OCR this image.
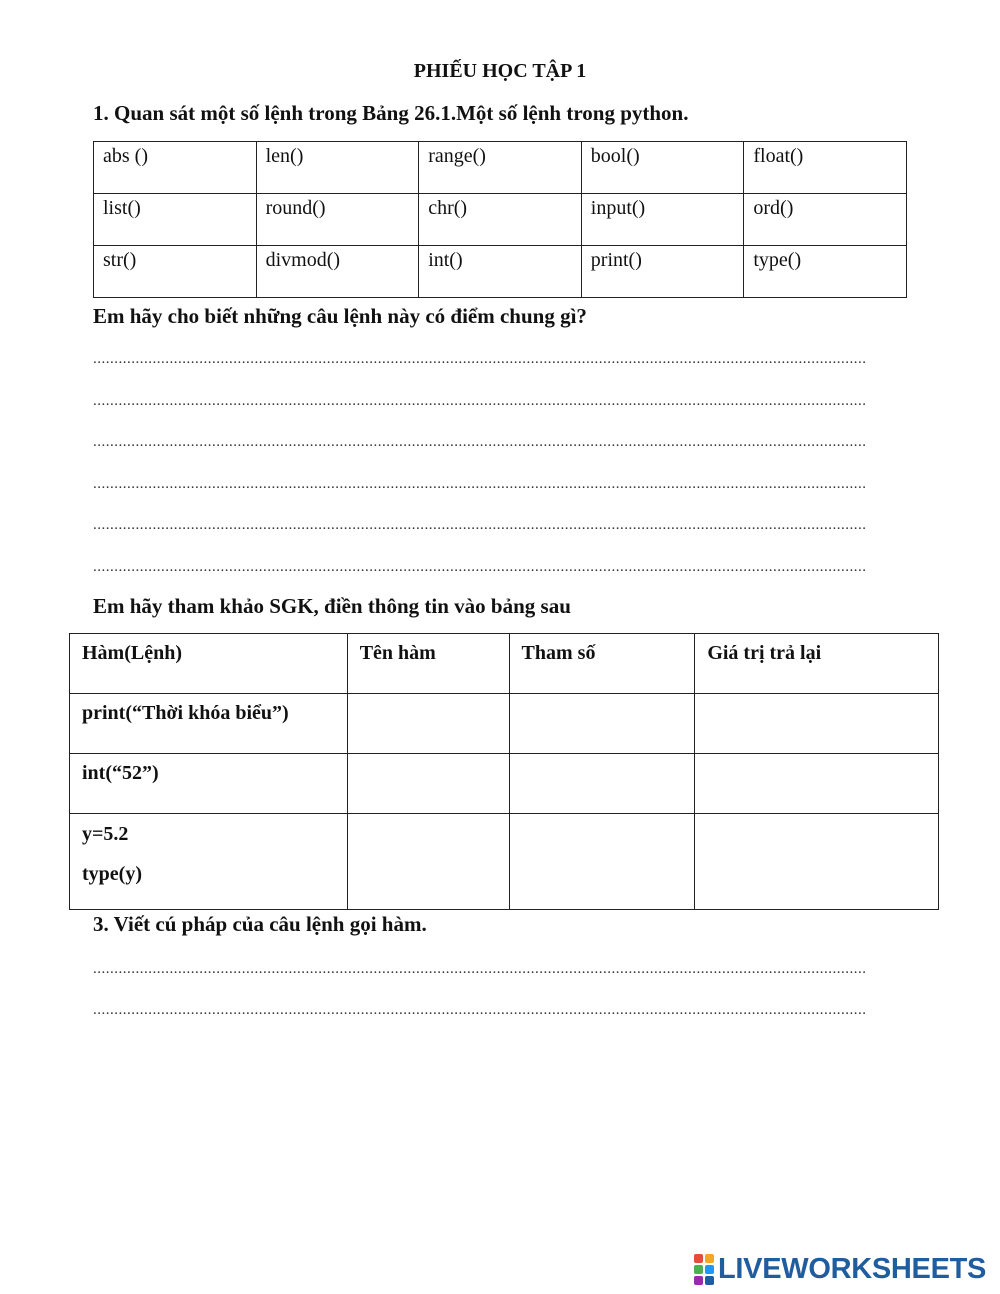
PHIẾU HỌC TẬP 1
1. Quan sát một số lệnh trong Bảng 26.1.Một số lệnh trong python.
abs ()	len()	range()	bool()	float()
list()	round()	chr()	input()	ord()
str()	divmod()	int()	print()	type()
Em hãy cho biết những câu lệnh này có điểm chung gì?
......................................................................................................................................................................................
......................................................................................................................................................................................
......................................................................................................................................................................................
......................................................................................................................................................................................
......................................................................................................................................................................................
......................................................................................................................................................................................
Em hãy tham khảo SGK, điền thông tin vào bảng sau
Hàm(Lệnh)	Tên hàm	Tham số	Giá trị trả lại
print(“Thời khóa biểu”)			
int(“52”)			

y=5.2
type(y)			

3. Viết cú pháp của câu lệnh gọi hàm.
......................................................................................................................................................................................
......................................................................................................................................................................................
LIVEWORKSHEETS
